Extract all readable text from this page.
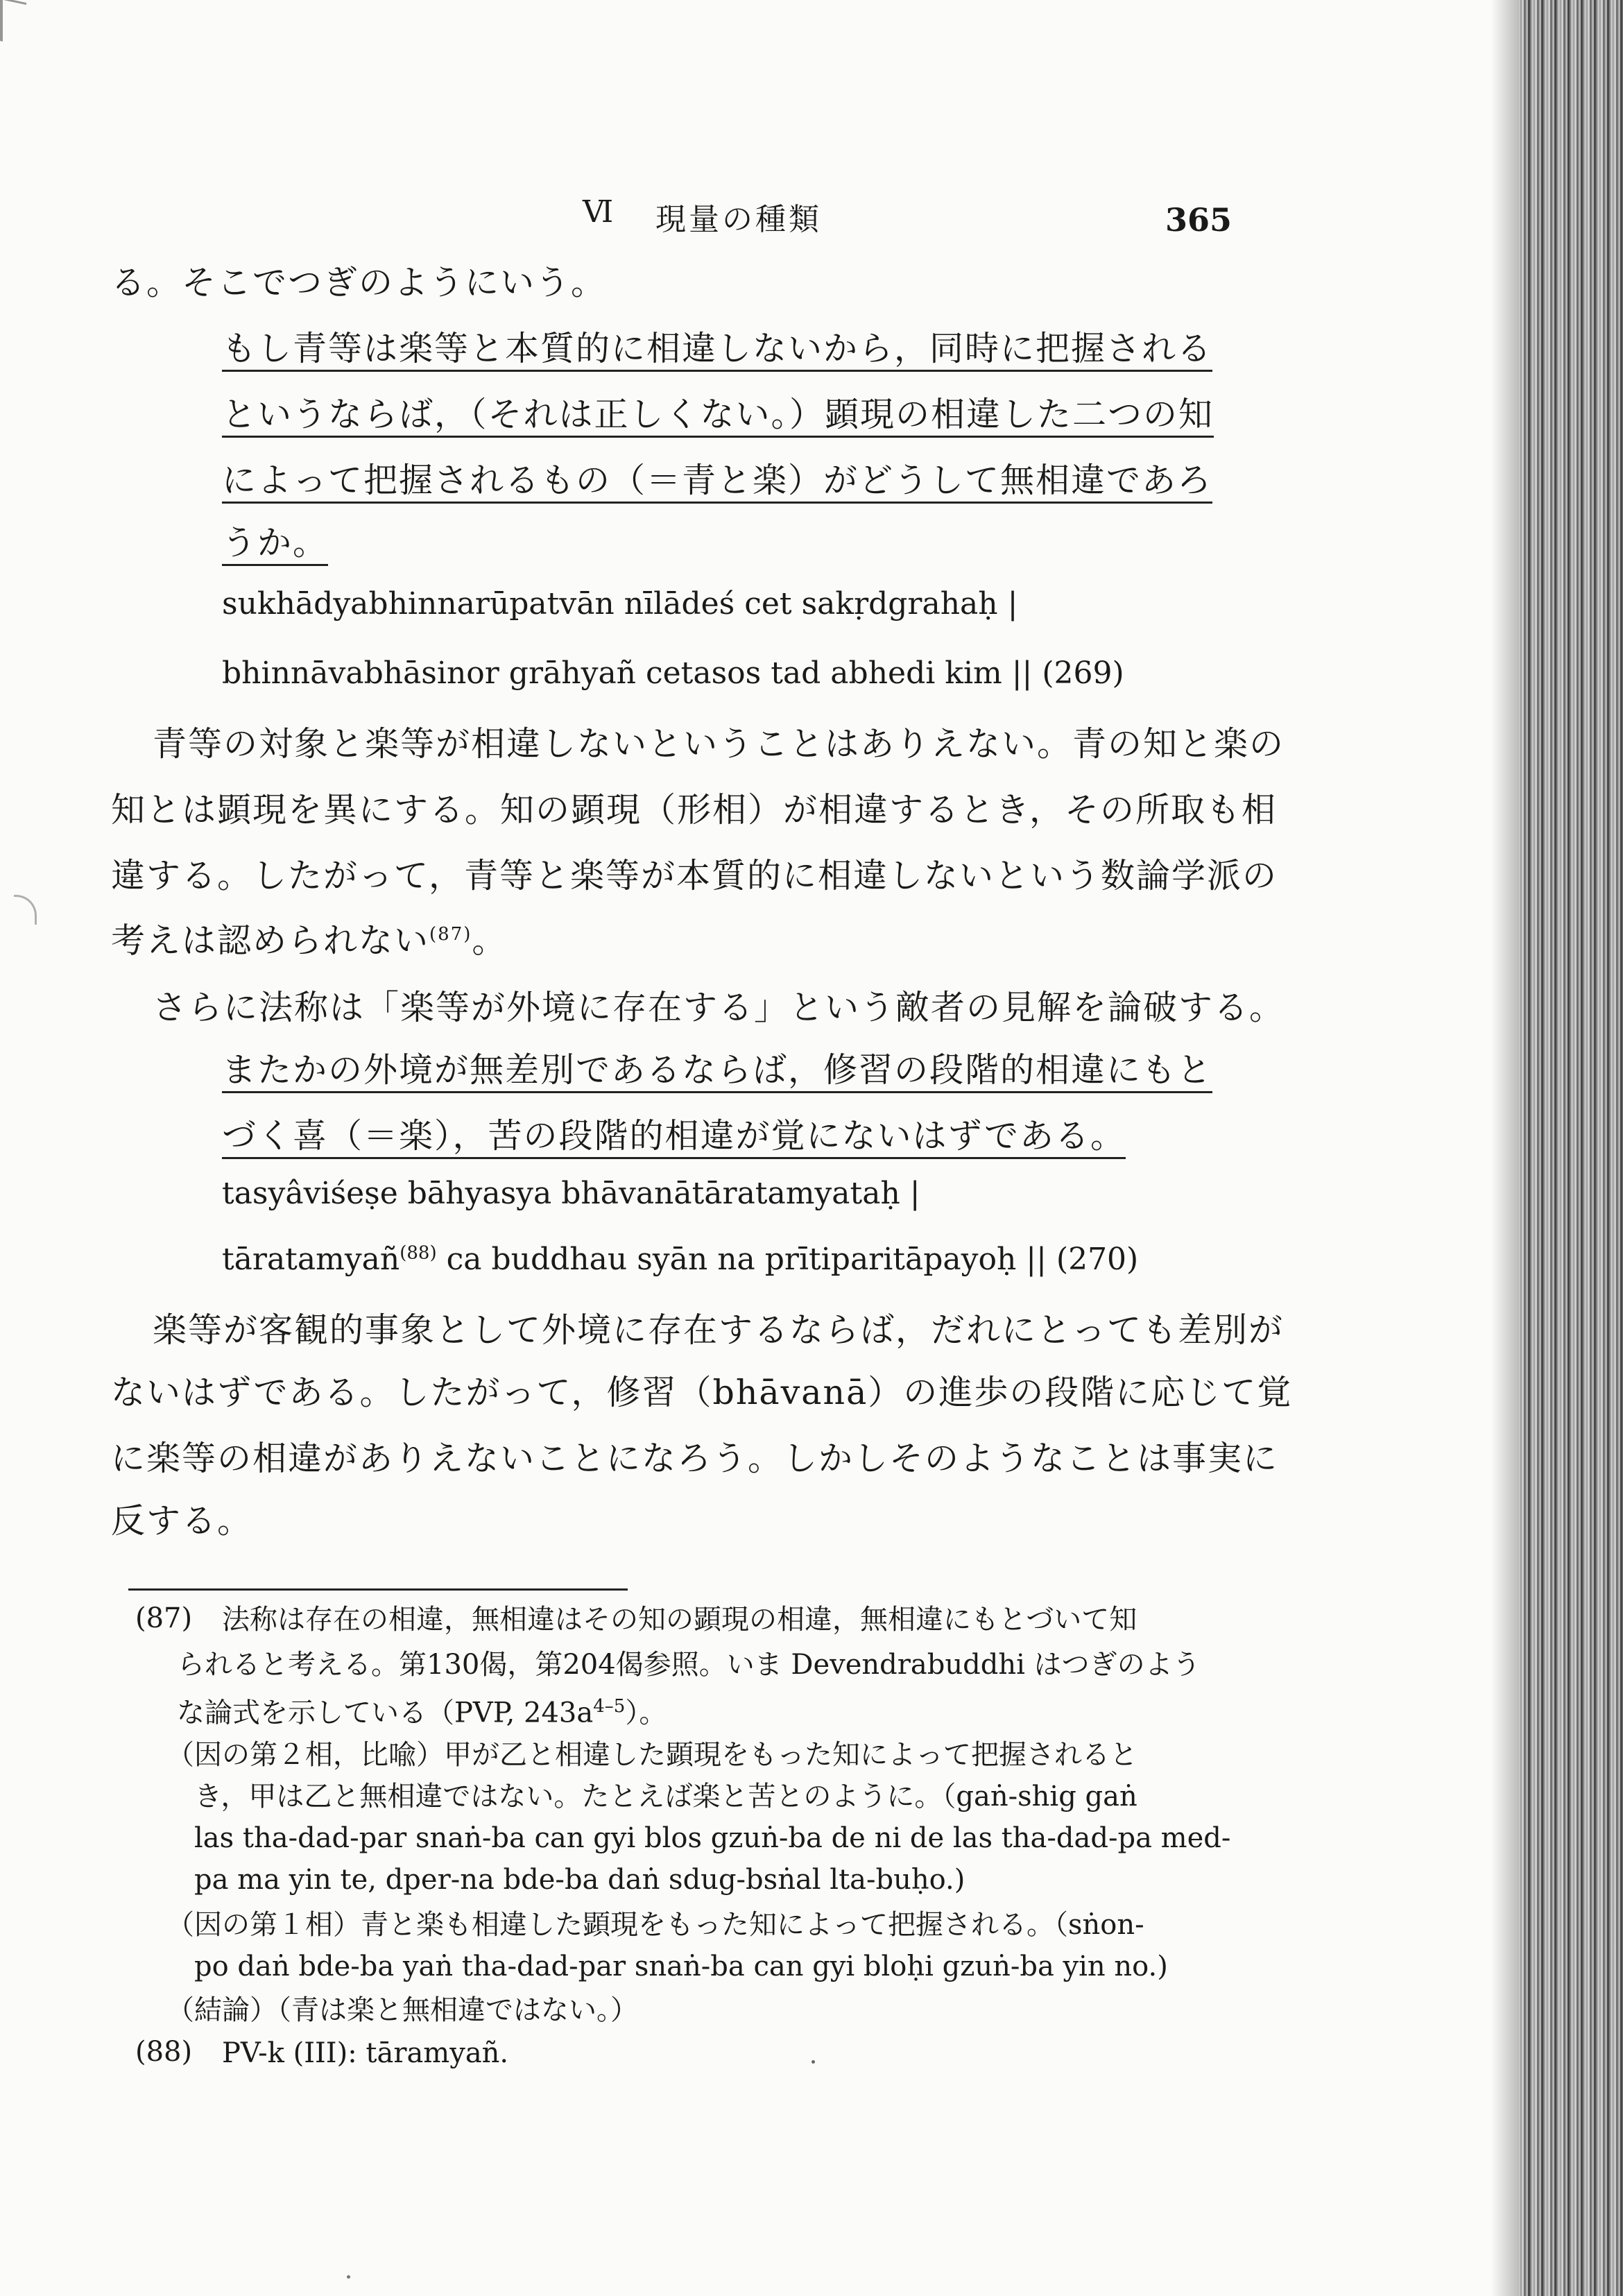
Ⅵ 現量の種類	365
る。そこでつぎのようにいう。
もし青等は楽等と本質的に相違しないから，同時に把握される
というならば，（それは正しくない。）顕現の相違した二つの知
によって把握されるもの（＝青と楽）がどうして無相違であろ
うか。
sukhādyabhinnarūpatvān nīlādeś cet sakṛdgrahaḥ |
bhinnāvabhāsinor grāhyañ cetasos tad abhedi kim || (269)
青等の対象と楽等が相違しないということはありえない。青の知と楽の
知とは顕現を異にする。知の顕現（形相）が相違するとき，その所取も相
違する。したがって，青等と楽等が本質的に相違しないという数論学派の
考えは認められない$^{(87)}$。
さらに法称は「楽等が外境に存在する」という敵者の見解を論破する。
またかの外境が無差別であるならば，修習の段階的相違にもと
づく喜（＝楽），苦の段階的相違が覚にないはずである。
tasyâviśeṣe bāhyasya bhāvanātāratamyataḥ |
tāratamyañ$^{(88)}$ ca buddhau syān na prītiparitāpayoḥ || (270)
楽等が客観的事象として外境に存在するならば，だれにとっても差別が
ないはずである。したがって，修習（bhāvanā）の進歩の段階に応じて覚
に楽等の相違がありえないことになろう。しかしそのようなことは事実に
反する。
(87) 法称は存在の相違，無相違はその知の顕現の相違，無相違にもとづいて知
られると考える。第130偈，第204偈参照。いま Devendrabuddhi はつぎのよう
な論式を示している（PVP, $243a^{4-5}$）。
（因の第２相，比喩）甲が乙と相違した顕現をもった知によって把握されると
き，甲は乙と無相違ではない。たとえば楽と苦とのように。（gaṅ-shig gaṅ
las tha-dad-par snaṅ-ba can gyi blos gzuṅ-ba de ni de las tha-dad-pa med-
pa ma yin te, dper-na bde-ba daṅ sdug-bsṅal lta-buḥo.)
（因の第１相）青と楽も相違した顕現をもった知によって把握される。（sṅon-
po daṅ bde-ba yaṅ tha-dad-par snaṅ-ba can gyi bloḥi gzuṅ-ba yin no.)
（結論）（青は楽と無相違ではない。）
(88) PV-k (III): tāramyañ.
